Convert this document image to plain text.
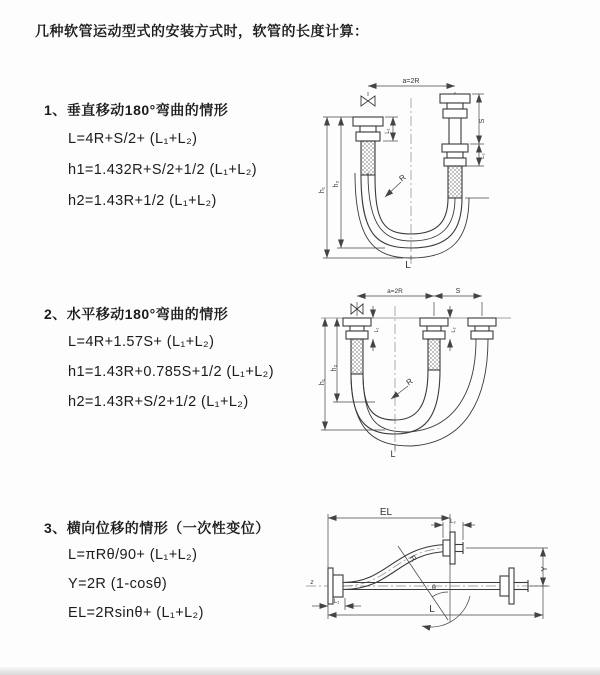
几种软管运动型式的安装方式时，软管的长度计算：
1、垂直移动180°弯曲的情形
L=4R+S/2+ (L₁+L₂)
h1=1.432R+S/2+1/2 (L₁+L₂)
h2=1.43R+1/2 (L₁+L₂)
2、水平移动180°弯曲的情形
L=4R+1.57S+ (L₁+L₂)
h1=1.43R+0.785S+1/2 (L₁+L₂)
h2=1.43R+S/2+1/2 (L₁+L₂)
3、横向位移的情形（一次性变位）
L=πRθ/90+ (L₁+L₂)
Y=2R (1-cosθ)
EL=2Rsinθ+ (L₁+L₂)
a=2R
L₁
S
L₂
h₁
h₂
R
L
a=2R	S
L₁	L₂
h₁
h₂
R
L
EL
L₂
Y
L
L₁
R
θ
z
